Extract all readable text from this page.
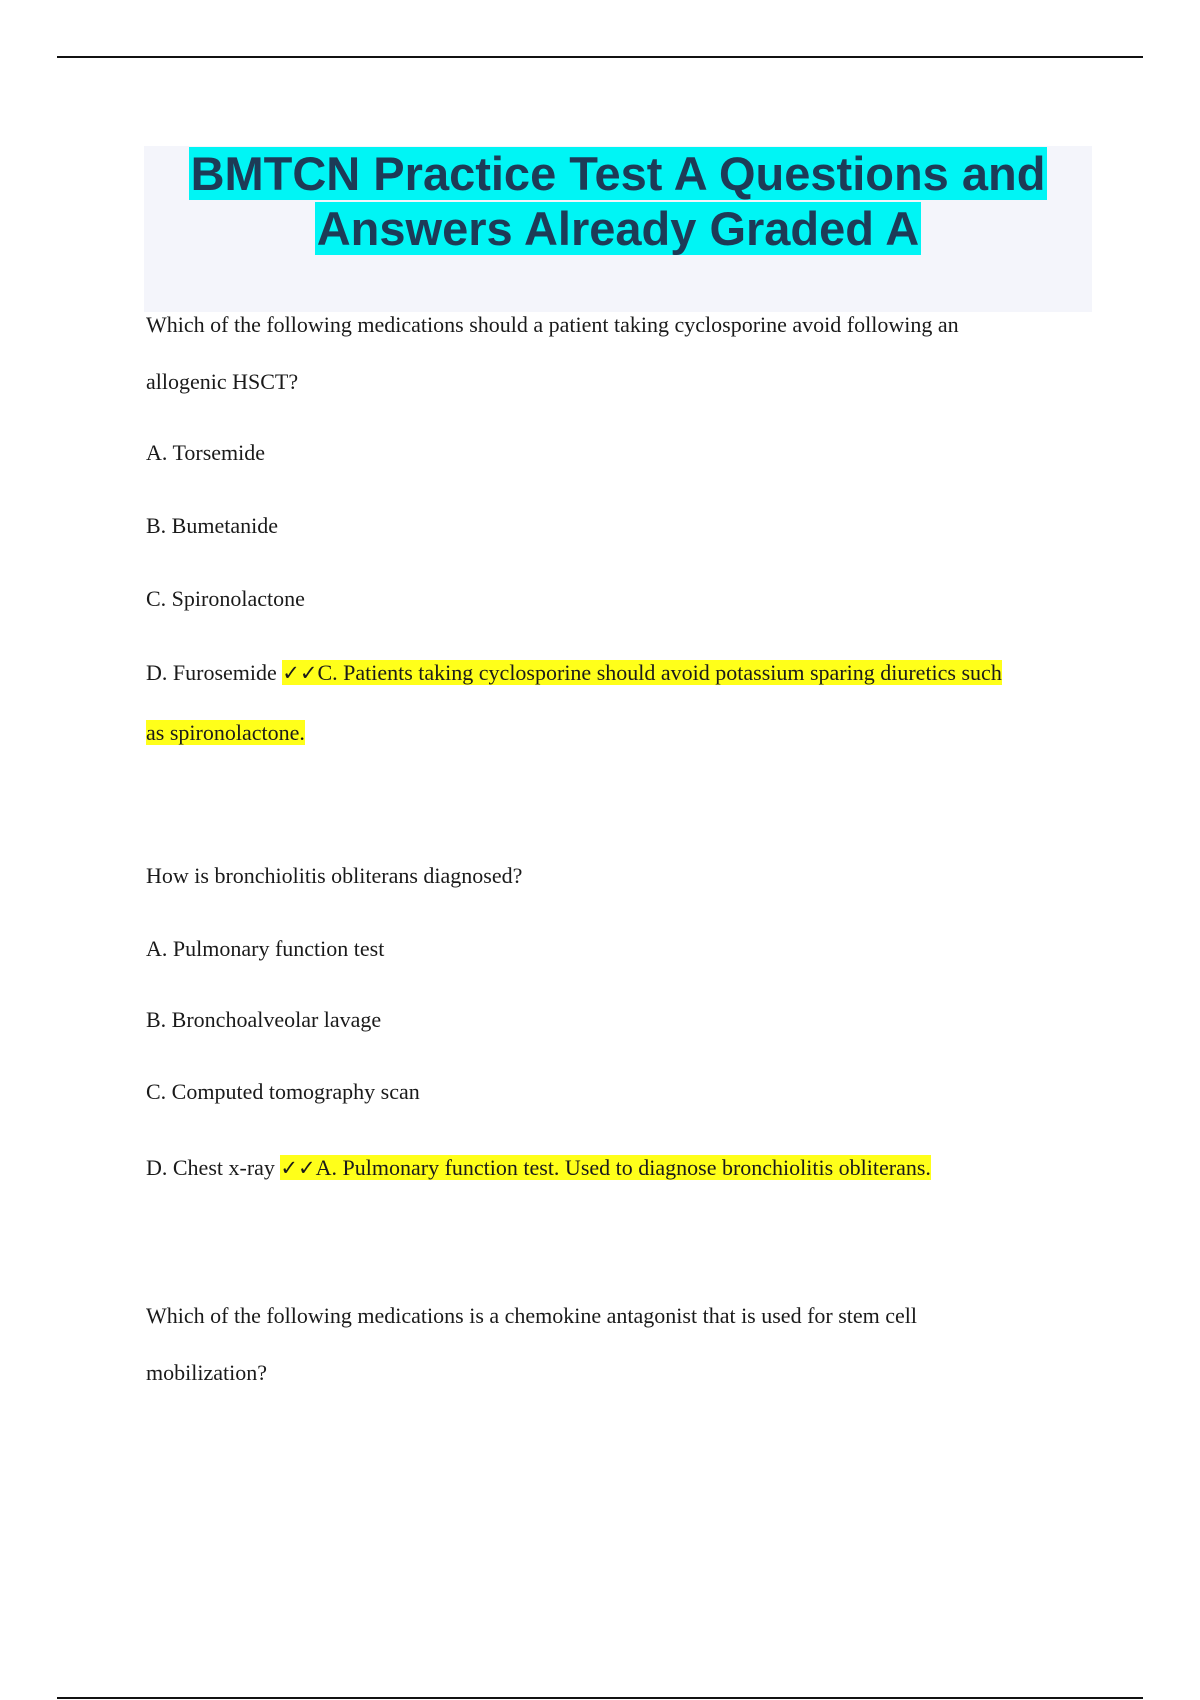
BMTCN Practice Test A Questions and
Answers Already Graded A

Which of the following medications should a patient taking cyclosporine avoid following an

allogenic HSCT?

A. Torsemide

B. Bumetanide

C. Spironolactone

D. Furosemide ✓✓C. Patients taking cyclosporine should avoid potassium sparing diuretics such

as spironolactone.

How is bronchiolitis obliterans diagnosed?

A. Pulmonary function test

B. Bronchoalveolar lavage

C. Computed tomography scan

D. Chest x-ray ✓✓A. Pulmonary function test. Used to diagnose bronchiolitis obliterans.

Which of the following medications is a chemokine antagonist that is used for stem cell

mobilization?
